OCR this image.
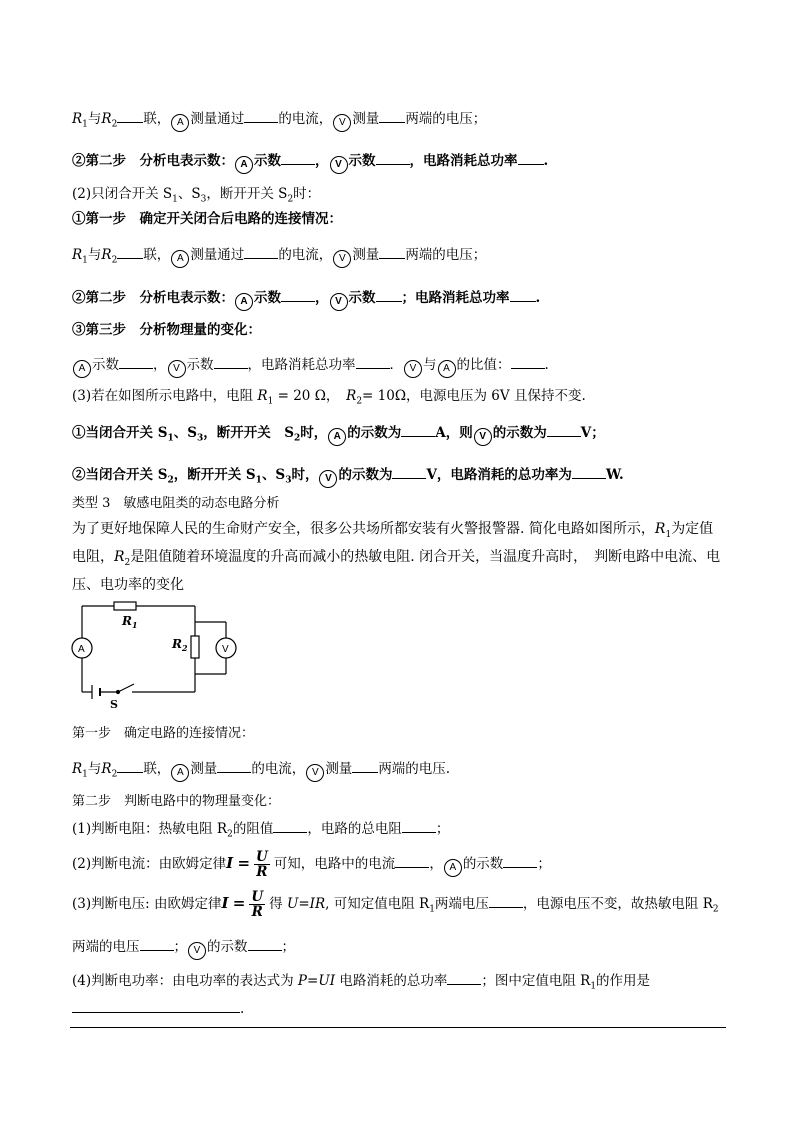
$R_1$与$R_2$ 联， A 测量通过	的电流， V 测量 两端的电压；
②第二步　分析电表示数： A 示数	， V 示数	，电路消耗总功率 .
(2)只闭合开关 $S_1$、$S_3$，断开开关 $S_2$时：
①第一步　确定开关闭合后电路的连接情况：
$R_1$与$R_2$ 联， A 测量通过	的电流， V 测量 两端的电压；
②第二步　分析电表示数： A 示数	， V 示数 ；电路消耗总功率 .
③第三步　分析物理量的变化：
A 示数	， V 示数	，电路消耗总功率	． V 与 A 的比值：	.
(3)若在如图所示电路中，电阻 $R_1 = 20$ Ω，　$R_2= 10\Omega$，电源电压为 6V 且保持不变.
①当闭合开关 $S_1$、$S_3$，断开开关　$S_2$时， A 的示数为	A，则 V 的示数为	V；
②当闭合开关 $S_2$，断开开关 $S_1$、$S_3$时， V 的示数为	V，电路消耗的总功率为	W.
类型 3　敏感电阻类的动态电路分析
为了更好地保障人民的生命财产安全，很多公共场所都安装有火警报警器. 简化电路如图所示，$R_1$为定值电阻，$R_2$是阻值随着环境温度的升高而减小的热敏电阻. 闭合开关，当温度升高时，　判断电路中电流、电压、电功率的变化
$R_1$
$R_2$
A	V
S
第一步　确定电路的连接情况：
$R_1$与$R_2$ 联， A 测量	的电流， V 测量 两端的电压.
第二步　判断电路中的物理量变化：
(1)判断电阻：热敏电阻 $R_2$的阻值	，电路的总电阻	；
(2)判断电流：由欧姆定律$I = \frac{U}{R}$ 可知，电路中的电流	， A 的示数	；
(3)判断电压: 由欧姆定律$I = \frac{U}{R}$ 得 U=IR, 可知定值电阻 $R_1$两端电压	，电源电压不变，故热敏电阻 $R_2$
两端的电压	； V 的示数	；
(4)判断电功率：由电功率的表达式为 P=UI 电路消耗的总功率	；图中定值电阻 $R_1$的作用是
.
